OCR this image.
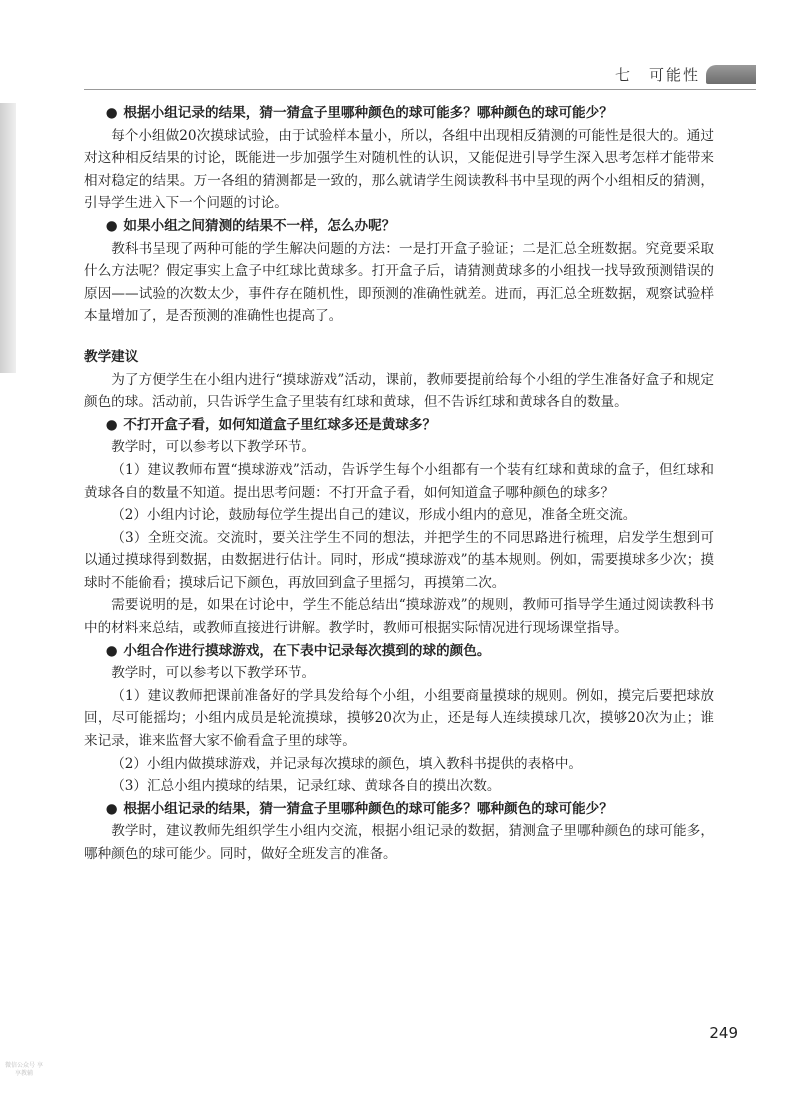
七　可能性

● 根据小组记录的结果，猜一猜盒子里哪种颜色的球可能多？哪种颜色的球可能少？

每个小组做20次摸球试验，由于试验样本量小，所以，各组中出现相反猜测的可能性是很大的。通过对这种相反结果的讨论，既能进一步加强学生对随机性的认识，又能促进引导学生深入思考怎样才能带来相对稳定的结果。万一各组的猜测都是一致的，那么就请学生阅读教科书中呈现的两个小组相反的猜测，引导学生进入下一个问题的讨论。

● 如果小组之间猜测的结果不一样，怎么办呢？

教科书呈现了两种可能的学生解决问题的方法：一是打开盒子验证；二是汇总全班数据。究竟要采取什么方法呢？假定事实上盒子中红球比黄球多。打开盒子后，请猜测黄球多的小组找一找导致预测错误的原因——试验的次数太少，事件存在随机性，即预测的准确性就差。进而，再汇总全班数据，观察试验样本量增加了，是否预测的准确性也提高了。

教学建议

为了方便学生在小组内进行“摸球游戏”活动，课前，教师要提前给每个小组的学生准备好盒子和规定颜色的球。活动前，只告诉学生盒子里装有红球和黄球，但不告诉红球和黄球各自的数量。

● 不打开盒子看，如何知道盒子里红球多还是黄球多？

教学时，可以参考以下教学环节。

（1）建议教师布置“摸球游戏”活动，告诉学生每个小组都有一个装有红球和黄球的盒子，但红球和黄球各自的数量不知道。提出思考问题：不打开盒子看，如何知道盒子哪种颜色的球多？

（2）小组内讨论，鼓励每位学生提出自己的建议，形成小组内的意见，准备全班交流。

（3）全班交流。交流时，要关注学生不同的想法，并把学生的不同思路进行梳理，启发学生想到可以通过摸球得到数据，由数据进行估计。同时，形成“摸球游戏”的基本规则。例如，需要摸球多少次；摸球时不能偷看；摸球后记下颜色，再放回到盒子里摇匀，再摸第二次。

需要说明的是，如果在讨论中，学生不能总结出“摸球游戏”的规则，教师可指导学生通过阅读教科书中的材料来总结，或教师直接进行讲解。教学时，教师可根据实际情况进行现场课堂指导。

● 小组合作进行摸球游戏，在下表中记录每次摸到的球的颜色。

教学时，可以参考以下教学环节。

（1）建议教师把课前准备好的学具发给每个小组，小组要商量摸球的规则。例如，摸完后要把球放回，尽可能摇均；小组内成员是轮流摸球，摸够20次为止，还是每人连续摸球几次，摸够20次为止；谁来记录，谁来监督大家不偷看盒子里的球等。

（2）小组内做摸球游戏，并记录每次摸球的颜色，填入教科书提供的表格中。

（3）汇总小组内摸球的结果，记录红球、黄球各自的摸出次数。

● 根据小组记录的结果，猜一猜盒子里哪种颜色的球可能多？哪种颜色的球可能少？

教学时，建议教师先组织学生小组内交流，根据小组记录的数据，猜测盒子里哪种颜色的球可能多，哪种颜色的球可能少。同时，做好全班发言的准备。

249
微信公众号 享享教辅
